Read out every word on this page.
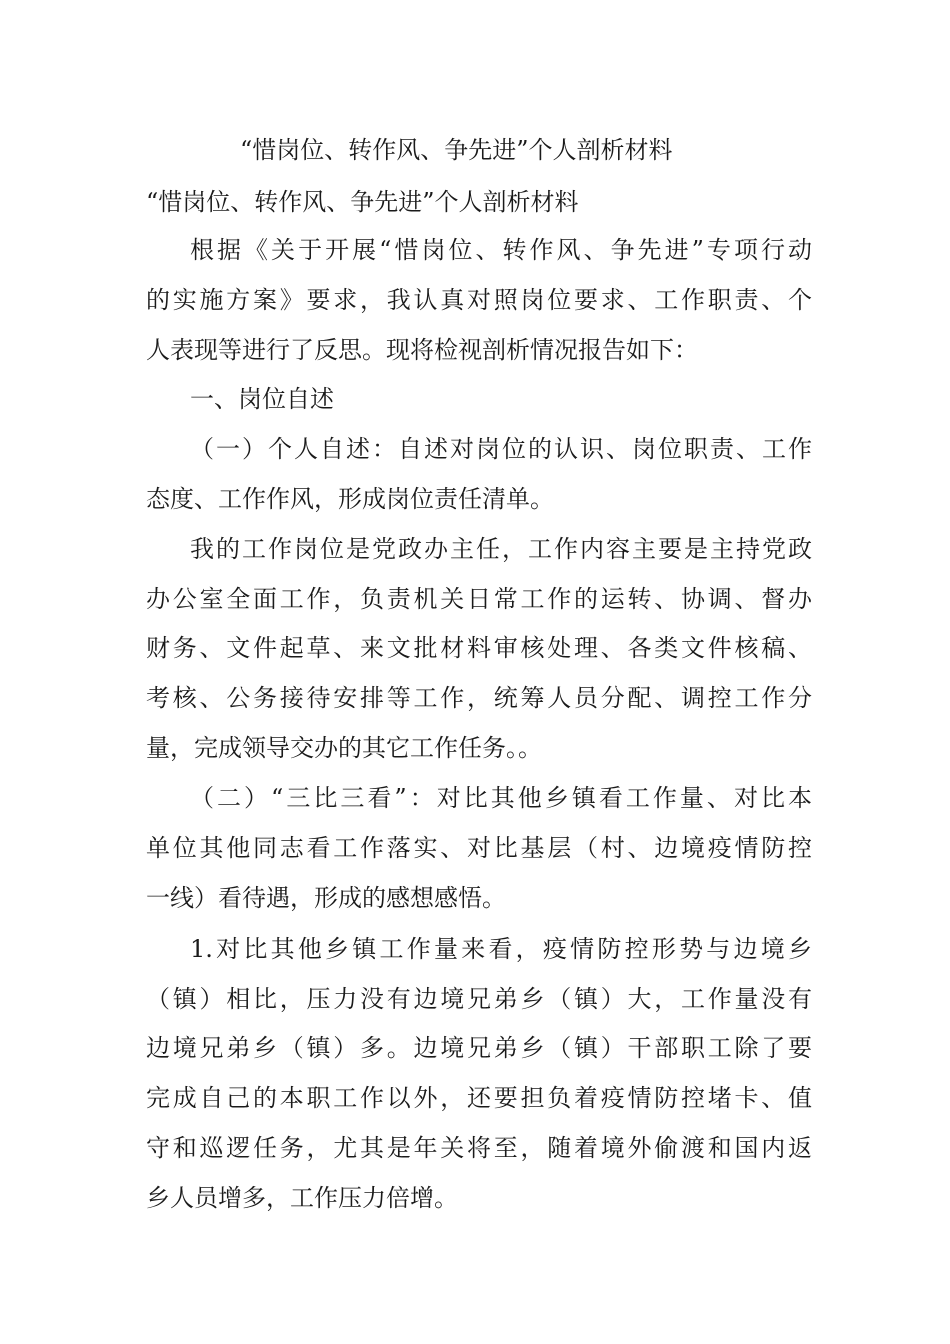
“惜岗位、转作风、争先进”个人剖析材料
“惜岗位、转作风、争先进”个人剖析材料
根据《关于开展“惜岗位、转作风、争先进”专项行动
的实施方案》要求，我认真对照岗位要求、工作职责、个
人表现等进行了反思。现将检视剖析情况报告如下：
一、岗位自述
（一）个人自述：自述对岗位的认识、岗位职责、工作
态度、工作作风，形成岗位责任清单。
我的工作岗位是党政办主任，工作内容主要是主持党政
办公室全面工作，负责机关日常工作的运转、协调、督办
财务、文件起草、来文批材料审核处理、各类文件核稿、
考核、公务接待安排等工作，统筹人员分配、调控工作分
量，完成领导交办的其它工作任务。。
（二）“三比三看”：对比其他乡镇看工作量、对比本
单位其他同志看工作落实、对比基层（村、边境疫情防控
一线）看待遇，形成的感想感悟。
1.对比其他乡镇工作量来看，疫情防控形势与边境乡
（镇）相比，压力没有边境兄弟乡（镇）大，工作量没有
边境兄弟乡（镇）多。边境兄弟乡（镇）干部职工除了要
完成自己的本职工作以外，还要担负着疫情防控堵卡、值
守和巡逻任务，尤其是年关将至，随着境外偷渡和国内返
乡人员增多，工作压力倍增。
